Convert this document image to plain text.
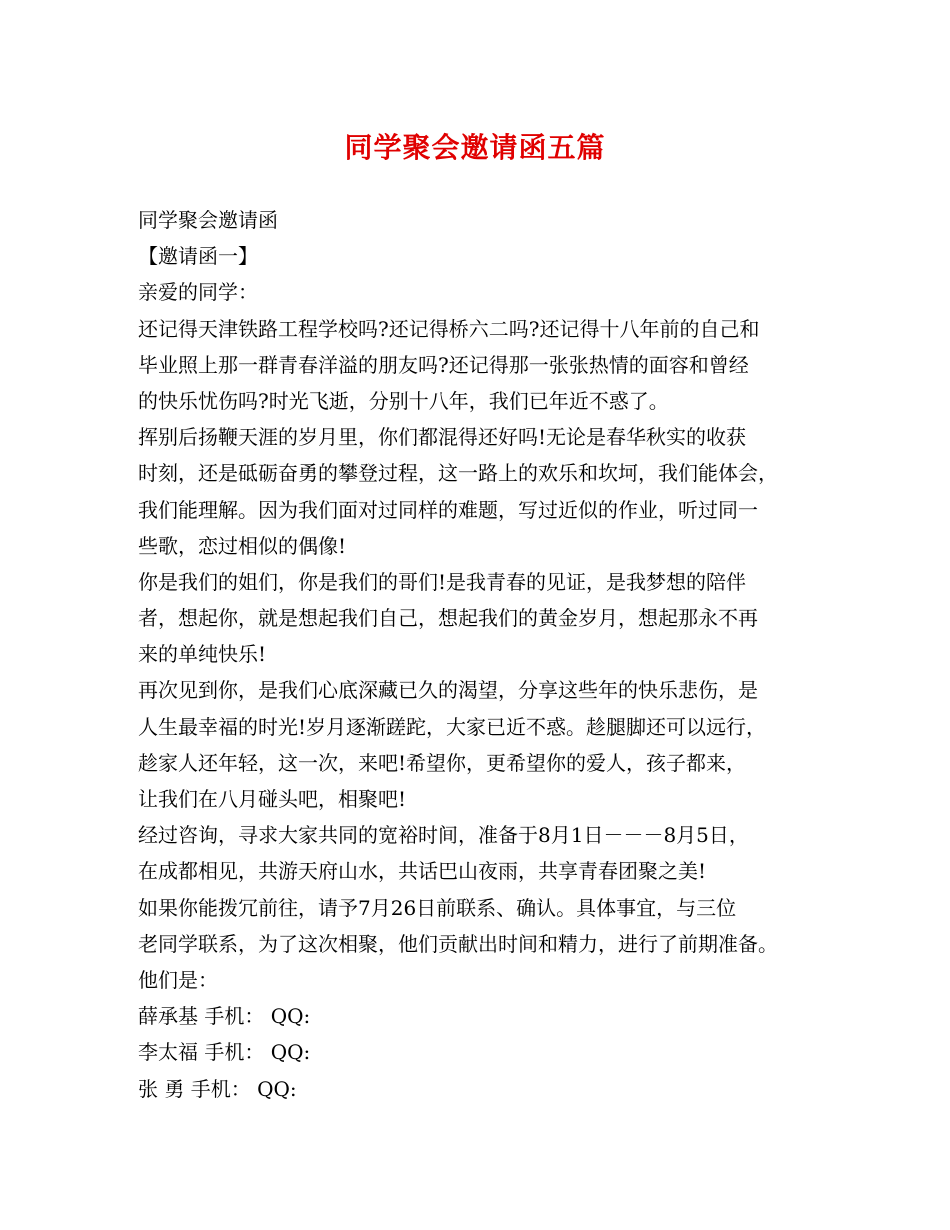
同学聚会邀请函五篇

同学聚会邀请函

【邀请函一】

亲爱的同学：

还记得天津铁路工程学校吗?还记得桥六二吗?还记得十八年前的自己和

毕业照上那一群青春洋溢的朋友吗?还记得那一张张热情的面容和曾经

的快乐忧伤吗?时光飞逝，分别十八年，我们已年近不惑了。

挥别后扬鞭天涯的岁月里，你们都混得还好吗!无论是春华秋实的收获

时刻，还是砥砺奋勇的攀登过程，这一路上的欢乐和坎坷，我们能体会，

我们能理解。因为我们面对过同样的难题，写过近似的作业，听过同一

些歌，恋过相似的偶像!

你是我们的姐们，你是我们的哥们!是我青春的见证，是我梦想的陪伴

者，想起你，就是想起我们自己，想起我们的黄金岁月，想起那永不再

来的单纯快乐!

再次见到你，是我们心底深藏已久的渴望，分享这些年的快乐悲伤，是

人生最幸福的时光!岁月逐渐蹉跎，大家已近不惑。趁腿脚还可以远行，

趁家人还年轻，这一次，来吧!希望你，更希望你的爱人，孩子都来，

让我们在八月碰头吧，相聚吧!

经过咨询，寻求大家共同的宽裕时间，准备于8月1日－－－8月5日，

在成都相见，共游天府山水，共话巴山夜雨，共享青春团聚之美!

如果你能拨冗前往，请予7月26日前联系、确认。具体事宜，与三位

老同学联系，为了这次相聚，他们贡献出时间和精力，进行了前期准备。

他们是：

薛承基 手机： QQ:

李太福 手机： QQ:

张 勇 手机： QQ:
